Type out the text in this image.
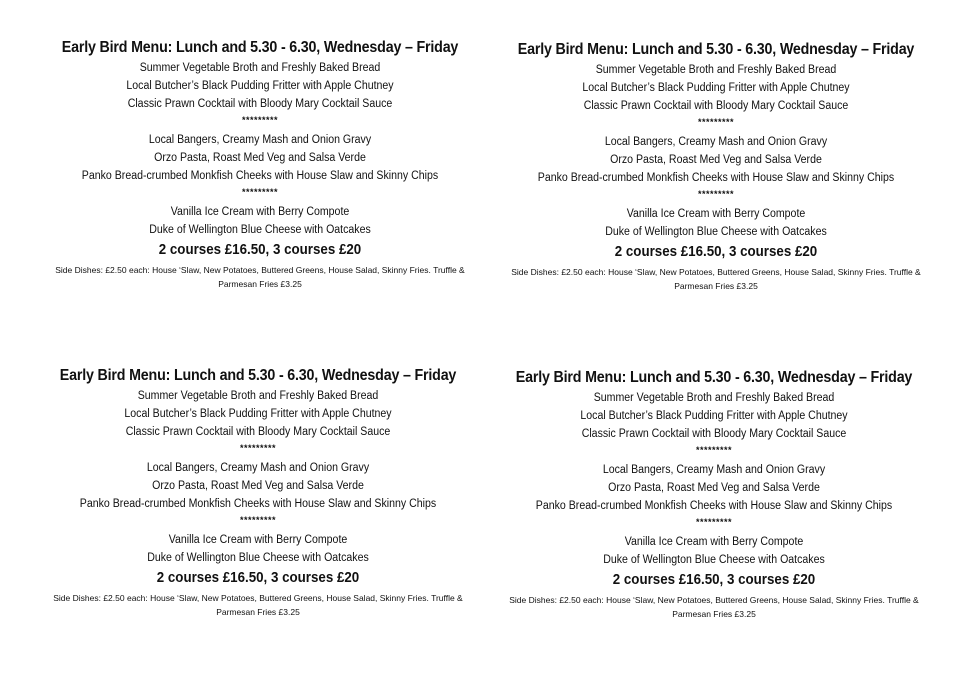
Early Bird Menu: Lunch and 5.30 - 6.30, Wednesday – Friday
Summer Vegetable Broth and Freshly Baked Bread
Local Butcher’s Black Pudding Fritter with Apple Chutney
Classic Prawn Cocktail with Bloody Mary Cocktail Sauce
*********
Local Bangers, Creamy Mash and Onion Gravy
Orzo Pasta, Roast Med Veg and Salsa Verde
Panko Bread-crumbed Monkfish Cheeks with House Slaw and Skinny Chips
*********
Vanilla Ice Cream with Berry Compote
Duke of Wellington Blue Cheese with Oatcakes
2 courses £16.50, 3 courses £20
Side Dishes: £2.50 each: House ‘Slaw, New Potatoes, Buttered Greens, House Salad, Skinny Fries. Truffle & Parmesan Fries £3.25
Early Bird Menu: Lunch and 5.30 - 6.30, Wednesday – Friday
Summer Vegetable Broth and Freshly Baked Bread
Local Butcher’s Black Pudding Fritter with Apple Chutney
Classic Prawn Cocktail with Bloody Mary Cocktail Sauce
*********
Local Bangers, Creamy Mash and Onion Gravy
Orzo Pasta, Roast Med Veg and Salsa Verde
Panko Bread-crumbed Monkfish Cheeks with House Slaw and Skinny Chips
*********
Vanilla Ice Cream with Berry Compote
Duke of Wellington Blue Cheese with Oatcakes
2 courses £16.50, 3 courses £20
Side Dishes: £2.50 each: House ‘Slaw, New Potatoes, Buttered Greens, House Salad, Skinny Fries. Truffle & Parmesan Fries £3.25
Early Bird Menu: Lunch and 5.30 - 6.30, Wednesday – Friday
Summer Vegetable Broth and Freshly Baked Bread
Local Butcher’s Black Pudding Fritter with Apple Chutney
Classic Prawn Cocktail with Bloody Mary Cocktail Sauce
*********
Local Bangers, Creamy Mash and Onion Gravy
Orzo Pasta, Roast Med Veg and Salsa Verde
Panko Bread-crumbed Monkfish Cheeks with House Slaw and Skinny Chips
*********
Vanilla Ice Cream with Berry Compote
Duke of Wellington Blue Cheese with Oatcakes
2 courses £16.50, 3 courses £20
Side Dishes: £2.50 each: House ‘Slaw, New Potatoes, Buttered Greens, House Salad, Skinny Fries. Truffle & Parmesan Fries £3.25
Early Bird Menu: Lunch and 5.30 - 6.30, Wednesday – Friday
Summer Vegetable Broth and Freshly Baked Bread
Local Butcher’s Black Pudding Fritter with Apple Chutney
Classic Prawn Cocktail with Bloody Mary Cocktail Sauce
*********
Local Bangers, Creamy Mash and Onion Gravy
Orzo Pasta, Roast Med Veg and Salsa Verde
Panko Bread-crumbed Monkfish Cheeks with House Slaw and Skinny Chips
*********
Vanilla Ice Cream with Berry Compote
Duke of Wellington Blue Cheese with Oatcakes
2 courses £16.50, 3 courses £20
Side Dishes: £2.50 each: House ‘Slaw, New Potatoes, Buttered Greens, House Salad, Skinny Fries. Truffle & Parmesan Fries £3.25
